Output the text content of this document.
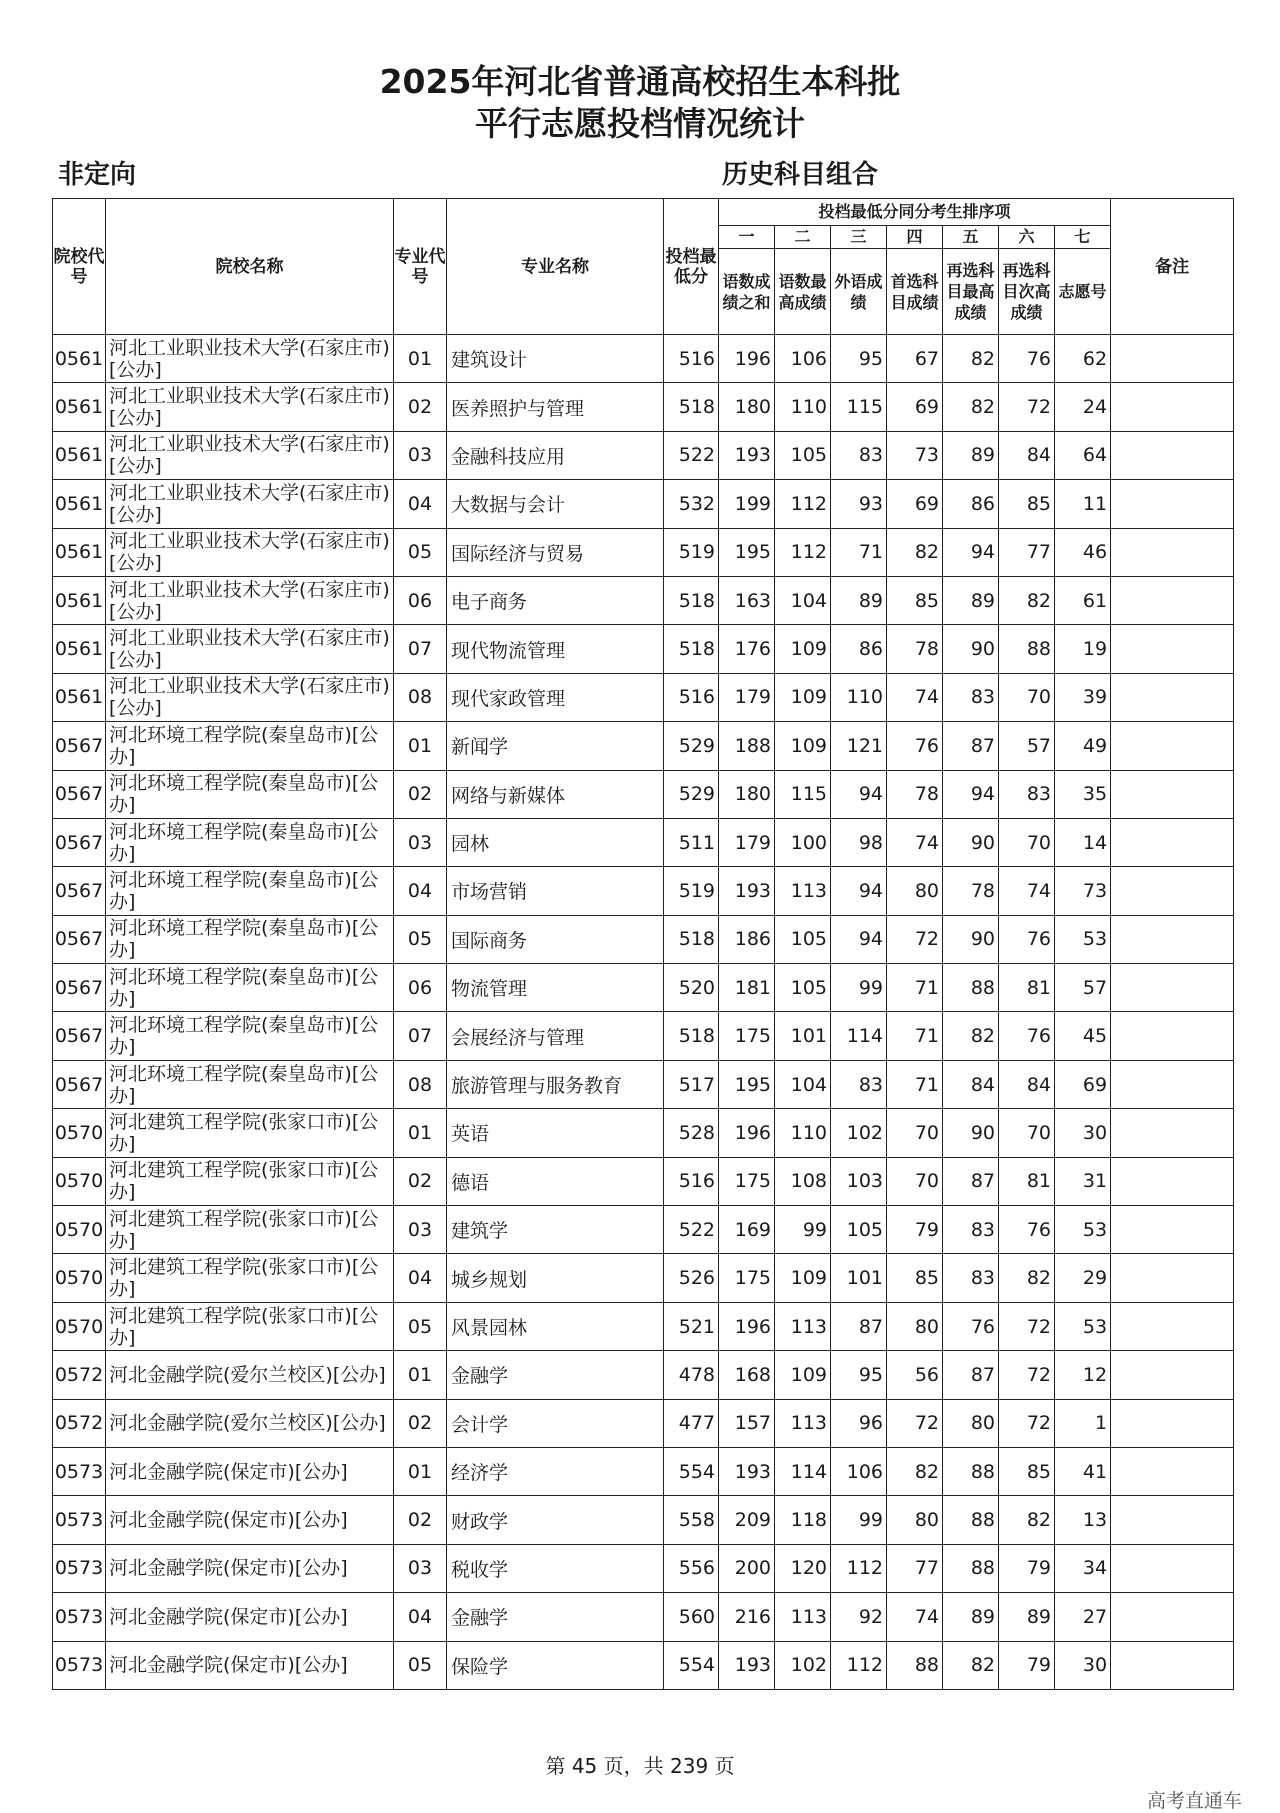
2025年河北省普通高校招生本科批
平行志愿投档情况统计
非定向	历史科目组合
院校代号	院校名称	专业代号	专业名称	投档最低分	投档最低分同分考生排序项							备注
					一	二	三	四	五	六	七	
					语数成绩之和	语数最高成绩	外语成绩	首选科目成绩	再选科目最高成绩	再选科目次高成绩	志愿号	
0561	河北工业职业技术大学(石家庄市)[公办]	01	建筑设计	516	196	106	95	67	82	76	62	
0561	河北工业职业技术大学(石家庄市)[公办]	02	医养照护与管理	518	180	110	115	69	82	72	24	
0561	河北工业职业技术大学(石家庄市)[公办]	03	金融科技应用	522	193	105	83	73	89	84	64	
0561	河北工业职业技术大学(石家庄市)[公办]	04	大数据与会计	532	199	112	93	69	86	85	11	
0561	河北工业职业技术大学(石家庄市)[公办]	05	国际经济与贸易	519	195	112	71	82	94	77	46	
0561	河北工业职业技术大学(石家庄市)[公办]	06	电子商务	518	163	104	89	85	89	82	61	
0561	河北工业职业技术大学(石家庄市)[公办]	07	现代物流管理	518	176	109	86	78	90	88	19	
0561	河北工业职业技术大学(石家庄市)[公办]	08	现代家政管理	516	179	109	110	74	83	70	39	
0567	河北环境工程学院(秦皇岛市)[公办]	01	新闻学	529	188	109	121	76	87	57	49	
0567	河北环境工程学院(秦皇岛市)[公办]	02	网络与新媒体	529	180	115	94	78	94	83	35	
0567	河北环境工程学院(秦皇岛市)[公办]	03	园林	511	179	100	98	74	90	70	14	
0567	河北环境工程学院(秦皇岛市)[公办]	04	市场营销	519	193	113	94	80	78	74	73	
0567	河北环境工程学院(秦皇岛市)[公办]	05	国际商务	518	186	105	94	72	90	76	53	
0567	河北环境工程学院(秦皇岛市)[公办]	06	物流管理	520	181	105	99	71	88	81	57	
0567	河北环境工程学院(秦皇岛市)[公办]	07	会展经济与管理	518	175	101	114	71	82	76	45	
0567	河北环境工程学院(秦皇岛市)[公办]	08	旅游管理与服务教育	517	195	104	83	71	84	84	69	
0570	河北建筑工程学院(张家口市)[公办]	01	英语	528	196	110	102	70	90	70	30	
0570	河北建筑工程学院(张家口市)[公办]	02	德语	516	175	108	103	70	87	81	31	
0570	河北建筑工程学院(张家口市)[公办]	03	建筑学	522	169	99	105	79	83	76	53	
0570	河北建筑工程学院(张家口市)[公办]	04	城乡规划	526	175	109	101	85	83	82	29	
0570	河北建筑工程学院(张家口市)[公办]	05	风景园林	521	196	113	87	80	76	72	53	
0572	河北金融学院(爱尔兰校区)[公办]	01	金融学	478	168	109	95	56	87	72	12	
0572	河北金融学院(爱尔兰校区)[公办]	02	会计学	477	157	113	96	72	80	72	1	
0573	河北金融学院(保定市)[公办]	01	经济学	554	193	114	106	82	88	85	41	
0573	河北金融学院(保定市)[公办]	02	财政学	558	209	118	99	80	88	82	13	
0573	河北金融学院(保定市)[公办]	03	税收学	556	200	120	112	77	88	79	34	
0573	河北金融学院(保定市)[公办]	04	金融学	560	216	113	92	74	89	89	27	
0573	河北金融学院(保定市)[公办]	05	保险学	554	193	102	112	88	82	79	30	
第 45 页，共 239 页
高考直通车
